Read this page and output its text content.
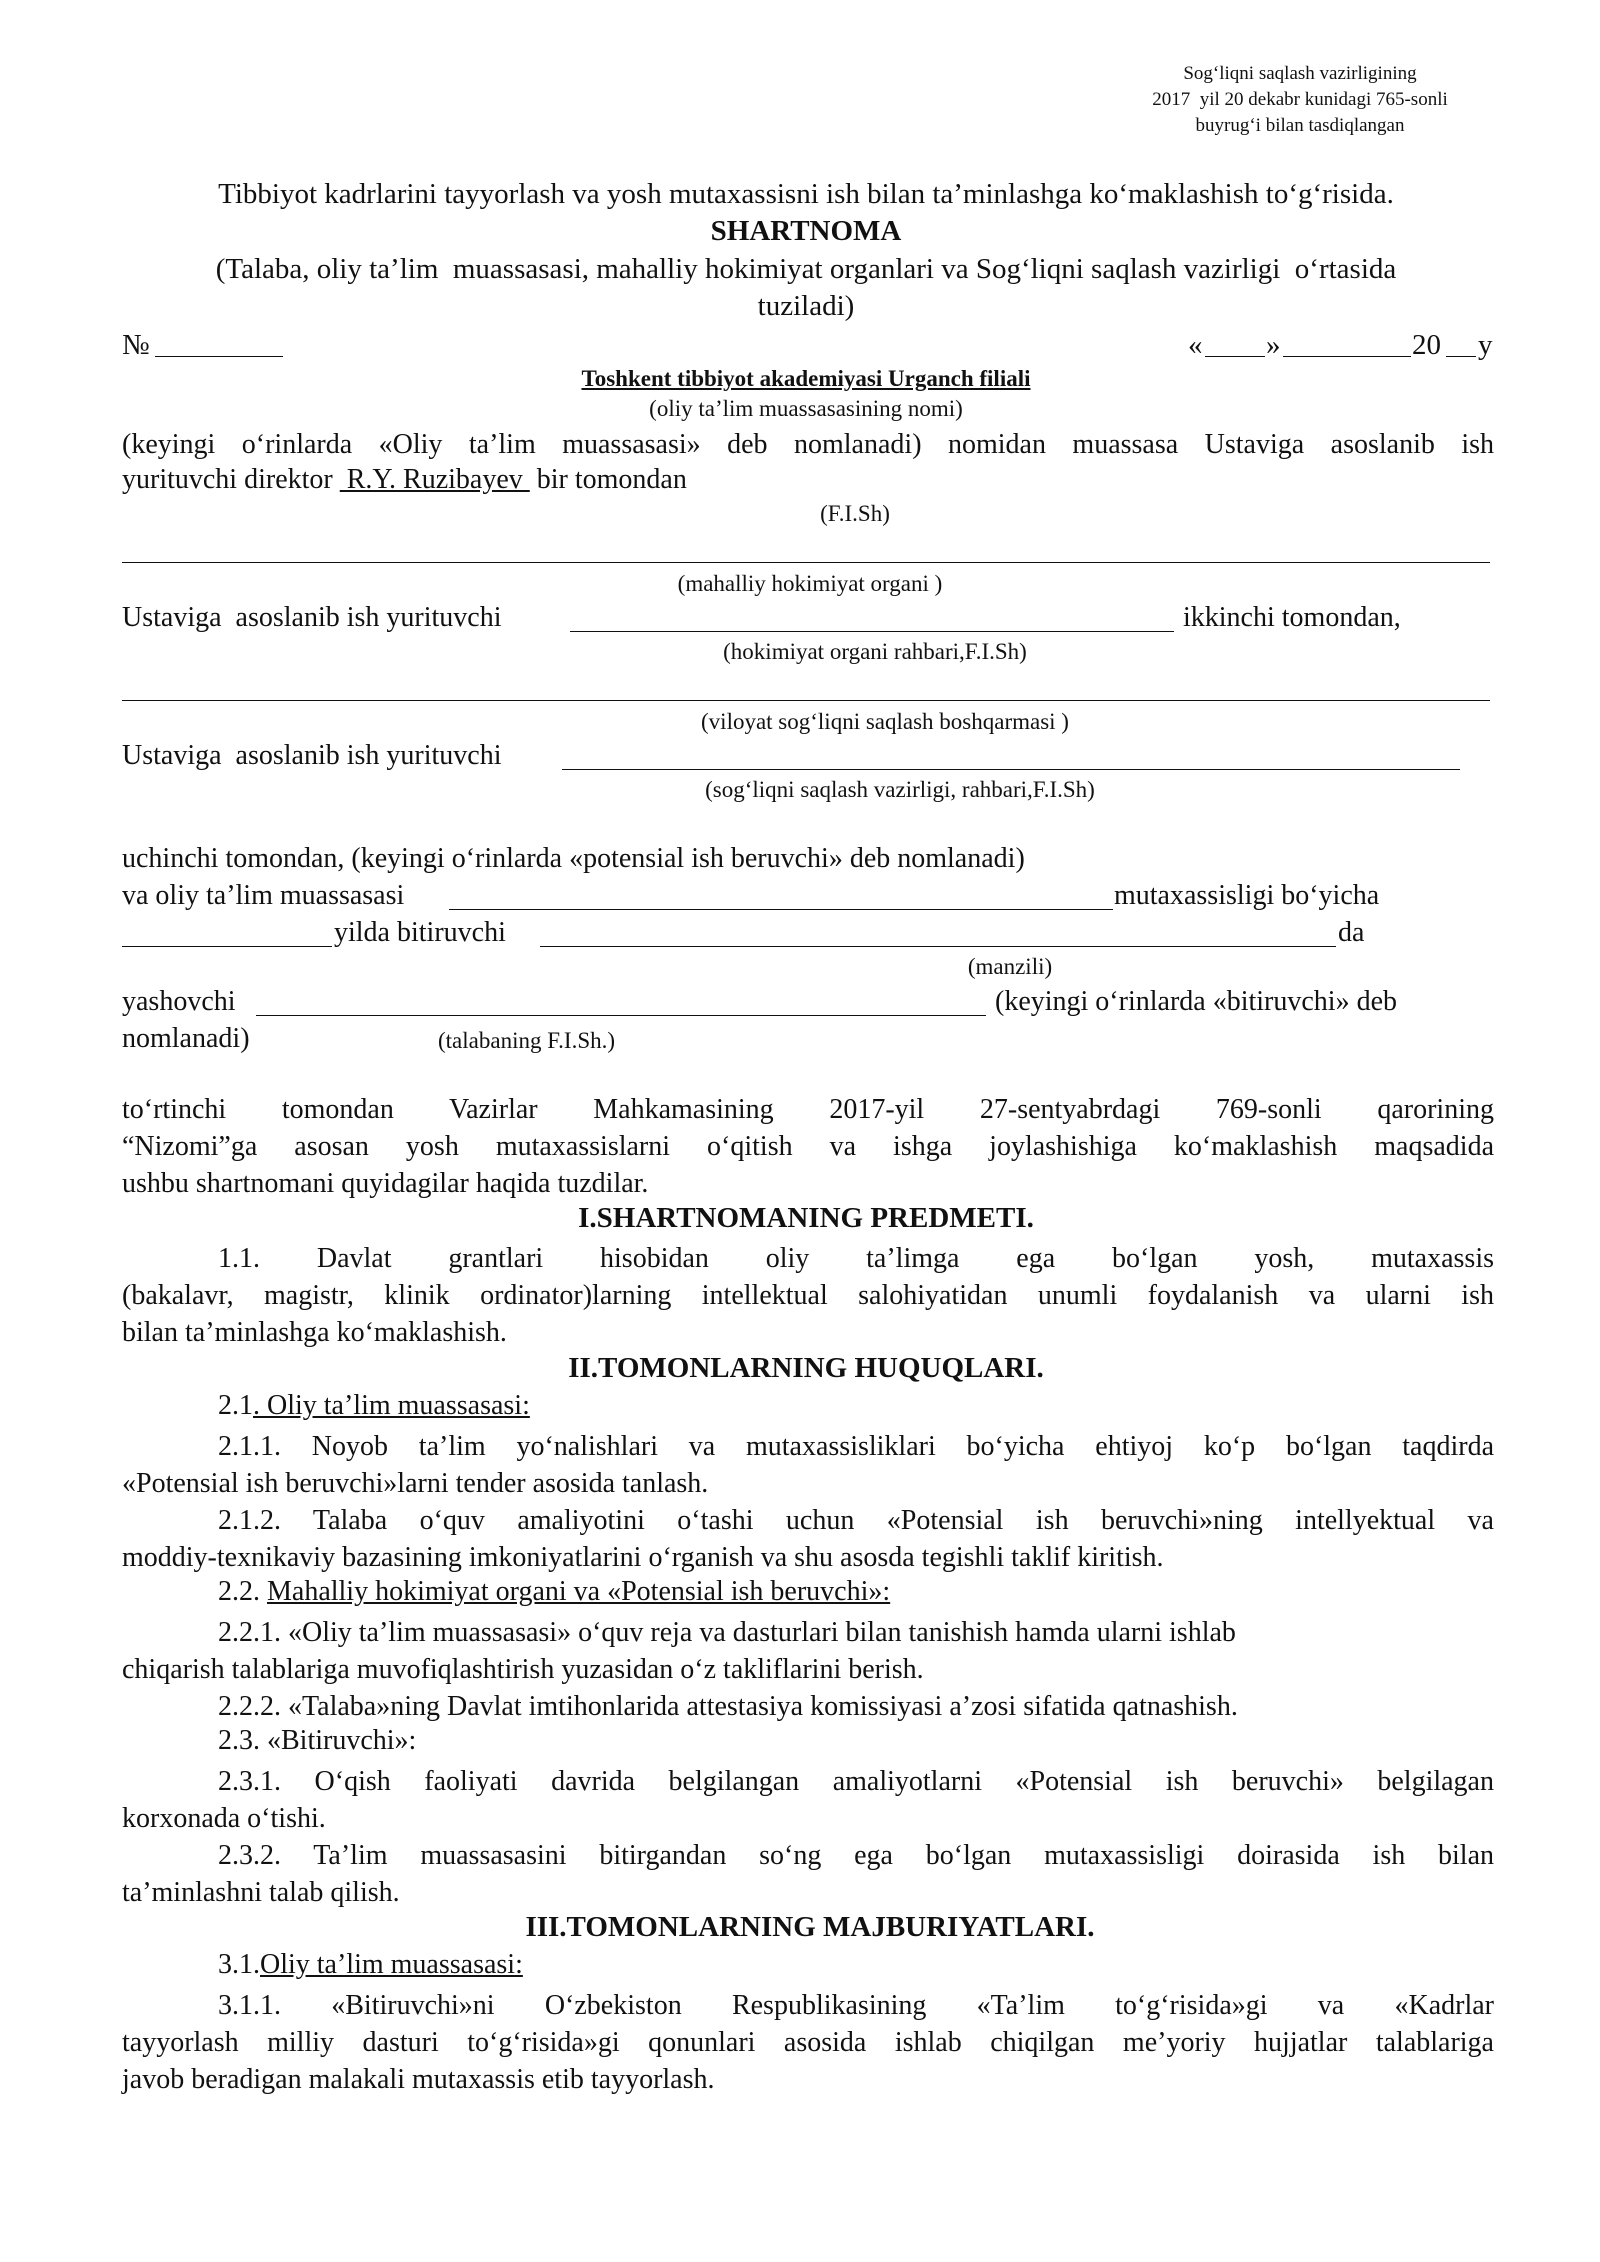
Sog‘liqni saqlash vazirligining
2017  yil 20 dekabr kunidagi 765-sonli
buyrug‘i bilan tasdiqlangan
Tibbiyot kadrlarini tayyorlash va yosh mutaxassisni ish bilan ta’minlashga ko‘maklashish to‘g‘risida.
SHARTNOMA
(Talaba, oliy ta’lim  muassasasi, mahalliy hokimiyat organlari va Sog‘liqni saqlash vazirligi  o‘rtasida
tuziladi)
№	« »	20 y
Toshkent tibbiyot akademiyasi Urganch filiali
(oliy ta’lim muassasasining nomi)
(keyingi o‘rinlarda «Oliy ta’lim muassasasi» deb nomlanadi) nomidan muassasa Ustaviga asoslanib ish
yurituvchi direktor  R.Y. Ruzibayev  bir tomondan
(F.I.Sh)
(mahalliy hokimiyat organi )
Ustaviga  asoslanib ish yurituvchi	ikkinchi tomondan,
(hokimiyat organi rahbari,F.I.Sh)
(viloyat sog‘liqni saqlash boshqarmasi )
Ustaviga  asoslanib ish yurituvchi
(sog‘liqni saqlash vazirligi, rahbari,F.I.Sh)
uchinchi tomondan, (keyingi o‘rinlarda «potensial ish beruvchi» deb nomlanadi)
va oliy ta’lim muassasasi	mutaxassisligi bo‘yicha
yilda bitiruvchi	da
(manzili)
yashovchi	(keyingi o‘rinlarda «bitiruvchi» deb
nomlanadi)	(talabaning F.I.Sh.)
to‘rtinchi tomondan Vazirlar Mahkamasining 2017-yil 27-sentyabrdagi 769-sonli qarorining
“Nizomi”ga asosan yosh mutaxassislarni o‘qitish va ishga joylashishiga ko‘maklashish maqsadida
ushbu shartnomani quyidagilar haqida tuzdilar.
I.SHARTNOMANING PREDMETI.
1.1. Davlat grantlari hisobidan oliy ta’limga ega bo‘lgan yosh, mutaxassis
(bakalavr, magistr, klinik ordinator)larning intellektual salohiyatidan unumli foydalanish va ularni ish
bilan ta’minlashga ko‘maklashish.
II.TOMONLARNING HUQUQLARI.
2.1. Oliy ta’lim muassasasi:
2.1.1. Noyob ta’lim yo‘nalishlari va mutaxassisliklari bo‘yicha ehtiyoj ko‘p bo‘lgan taqdirda
«Potensial ish beruvchi»larni tender asosida tanlash.
2.1.2. Talaba o‘quv amaliyotini o‘tashi uchun «Potensial ish beruvchi»ning intellyektual va
moddiy-texnikaviy bazasining imkoniyatlarini o‘rganish va shu asosda tegishli taklif kiritish.
2.2. Mahalliy hokimiyat organi va «Potensial ish beruvchi»:
2.2.1. «Oliy ta’lim muassasasi» o‘quv reja va dasturlari bilan tanishish hamda ularni ishlab
chiqarish talablariga muvofiqlashtirish yuzasidan o‘z takliflarini berish.
2.2.2. «Talaba»ning Davlat imtihonlarida attestasiya komissiyasi a’zosi sifatida qatnashish.
2.3. «Bitiruvchi»:
2.3.1. O‘qish faoliyati davrida belgilangan amaliyotlarni «Potensial ish beruvchi» belgilagan
korxonada o‘tishi.
2.3.2. Ta’lim muassasasini bitirgandan so‘ng ega bo‘lgan mutaxassisligi doirasida ish bilan
ta’minlashni talab qilish.
III.TOMONLARNING MAJBURIYATLARI.
3.1.Oliy ta’lim muassasasi:
3.1.1. «Bitiruvchi»ni O‘zbekiston Respublikasining «Ta’lim to‘g‘risida»gi va «Kadrlar
tayyorlash milliy dasturi to‘g‘risida»gi qonunlari asosida ishlab chiqilgan me’yoriy hujjatlar talablariga
javob beradigan malakali mutaxassis etib tayyorlash.
